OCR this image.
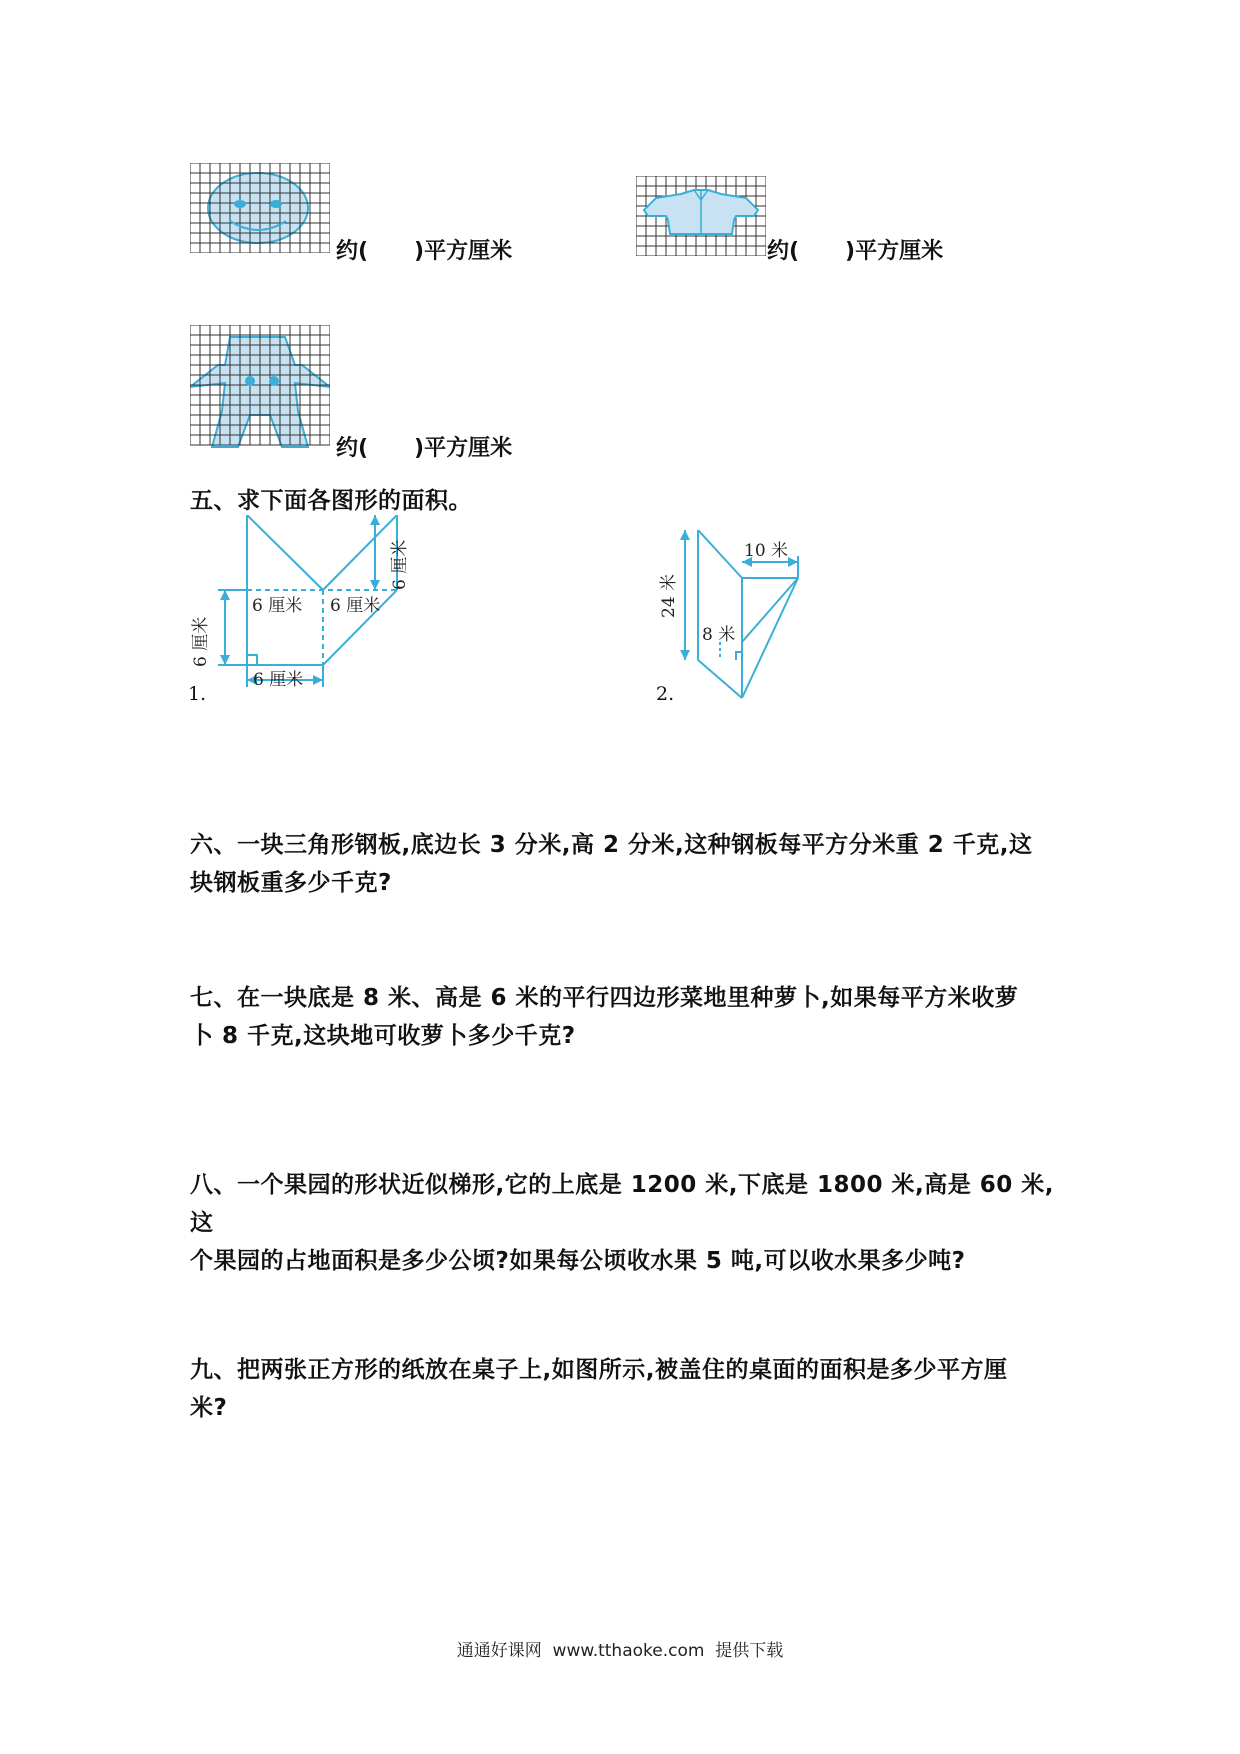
约(      )平方厘米	约(      )平方厘米
约(      )平方厘米
五、求下面各图形的面积。
6 厘米
6 厘米
6 厘米 6 厘米
6 厘米
1.
10 米
24 米
8 米
2.
六、一块三角形钢板,底边长 3 分米,高 2 分米,这种钢板每平方分米重 2 千克,这
块钢板重多少千克?
七、在一块底是 8 米、高是 6 米的平行四边形菜地里种萝卜,如果每平方米收萝
卜 8 千克,这块地可收萝卜多少千克?
八、一个果园的形状近似梯形,它的上底是 1200 米,下底是 1800 米,高是 60 米,这
个果园的占地面积是多少公顷?如果每公顷收水果 5 吨,可以收水果多少吨?
九、把两张正方形的纸放在桌子上,如图所示,被盖住的桌面的面积是多少平方厘
米?
通通好课网  www.tthaoke.com  提供下载
